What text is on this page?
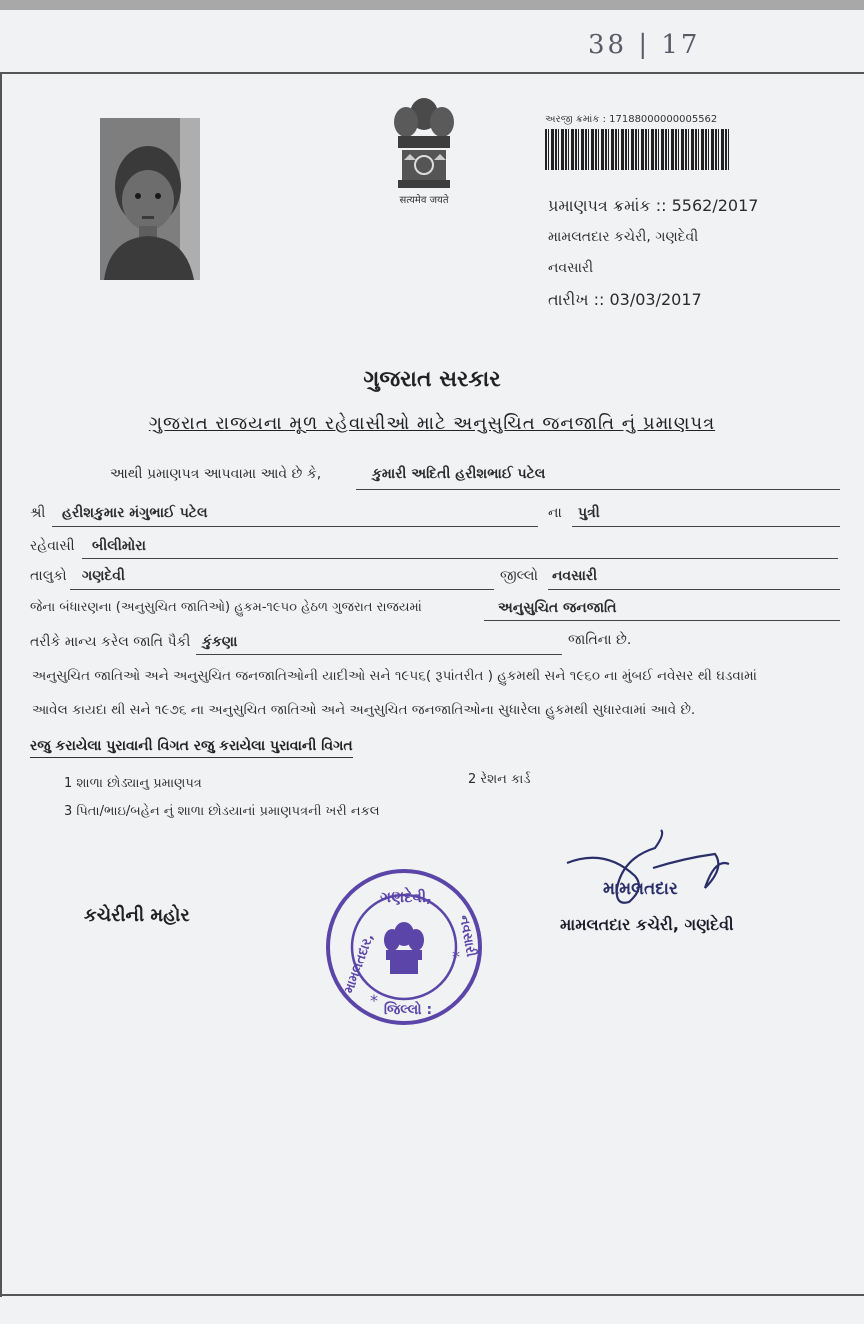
38 | 17
सत्यमेव जयते
અરજી ક્રમાંક : 17188000000005562
પ્રમાણપત્ર ક્રમાંક :: 5562/2017
મામલતદાર કચેરી, ગણદેવી
નવસારી
તારીખ :: 03/03/2017
ગુજરાત સરકાર
ગુજરાત રાજયના મૂળ રહેવાસીઓ માટે અનુસુચિત જનજાતિ નું પ્રમાણપત્ર
આથી પ્રમાણપત્ર આપવામા આવે છે કે,	કુમારી અદિતી હરીશભાઈ પટેલ
શ્રી હરીશકુમાર મંગુભાઈ પટેલ	ના પુત્રી
રહેવાસી બીલીમોરા
તાલુકો ગણદેવી	જીલ્લો નવસારી
જેના બંધારણના (અનુસુચિત જાતિઓ) હુકમ-૧૯૫૦ હેઠળ ગુજરાત રાજયમાં	અનુસુચિત જનજાતિ
તરીકે માન્ય કરેલ જાતિ પૈકી કુંકણા	જાતિના છે.
અનુસુચિત જાતિઓ અને અનુસુચિત જનજાતિઓની યાદીઓ સને ૧૯૫૬( રૂપાંતરીત ) હુકમથી સને ૧૯૬૦ ના મુંબઈ નવેસર થી ઘડવામાં
આવેલ કાયદા થી સને ૧૯૭૬ ના અનુસુચિત જાતિઓ અને અનુસુચિત જનજાતિઓના સુધારેલા હુકમથી સુધારવામાં આવે છે.
રજુ કરાયેલા પુરાવાની વિગત રજુ કરાયેલા પુરાવાની વિગત
1 શાળા છોડ્યાનુ પ્રમાણપત્ર	2 રેશન કાર્ડ
3 પિતા/ભાઇ/બહેન નું શાળા છોડયાનાં પ્રમાણપત્રની ખરી નકલ
કચેરીની મહોર
ગણદેવી,
મામલતદાર,	નવસારી
જિલ્લો :
*
*
મામલતદાર
મામલતદાર કચેરી, ગણદેવી
